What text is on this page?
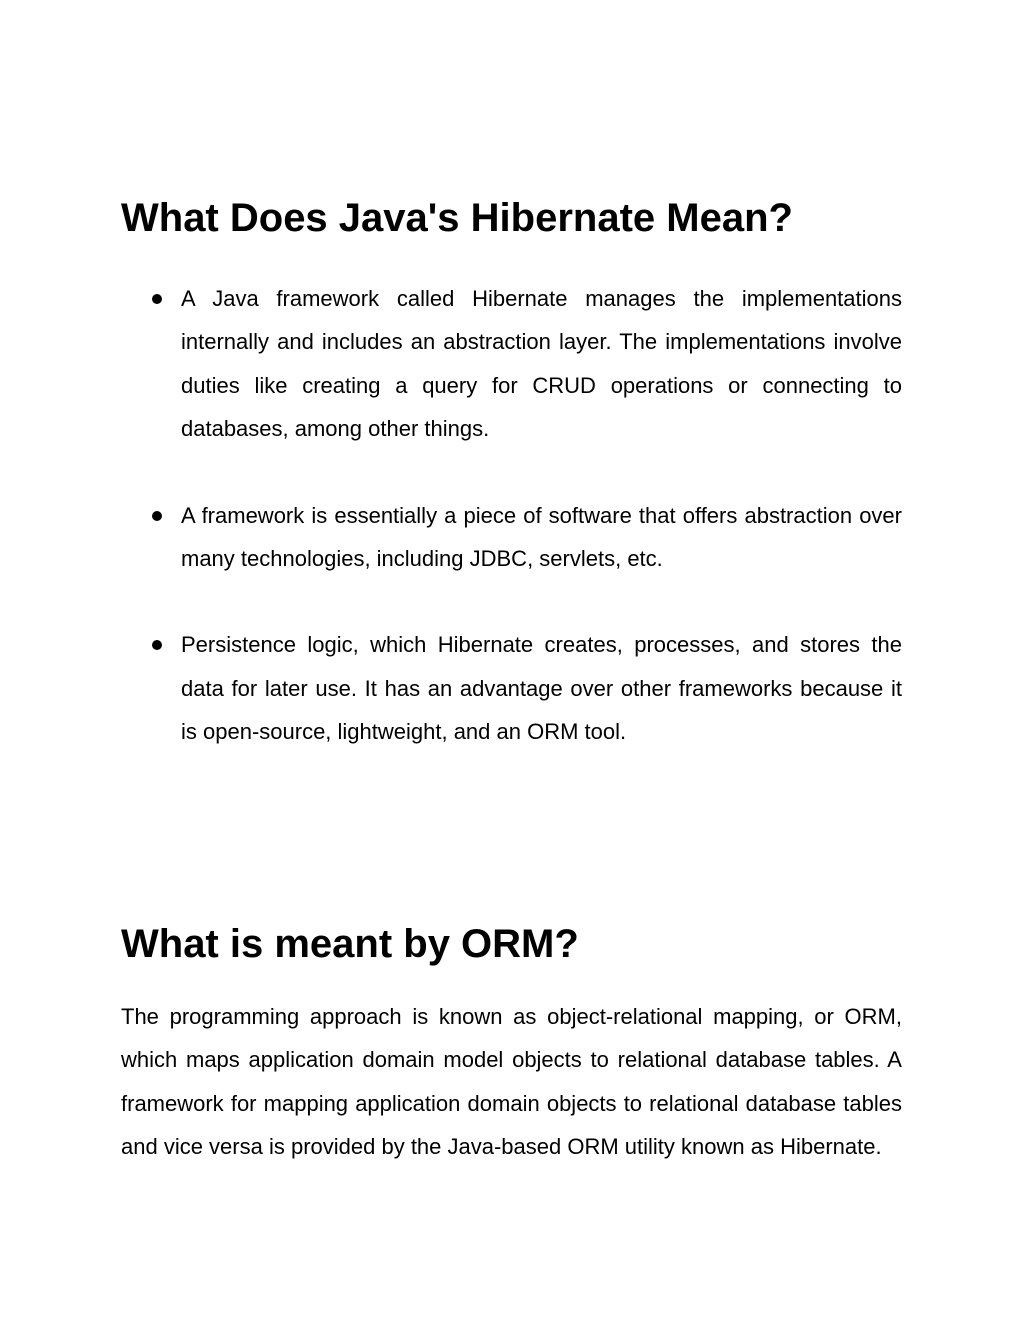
What Does Java's Hibernate Mean?
A Java framework called Hibernate manages the implementations internally and includes an abstraction layer. The implementations involve duties like creating a query for CRUD operations or connecting to databases, among other things.
A framework is essentially a piece of software that offers abstraction over many technologies, including JDBC, servlets, etc.
Persistence logic, which Hibernate creates, processes, and stores the data for later use. It has an advantage over other frameworks because it is open-source, lightweight, and an ORM tool.
What is meant by ORM?

The programming approach is known as object-relational mapping, or ORM, which maps application domain model objects to relational database tables. A framework for mapping application domain objects to relational database tables and vice versa is provided by the Java-based ORM utility known as Hibernate.
